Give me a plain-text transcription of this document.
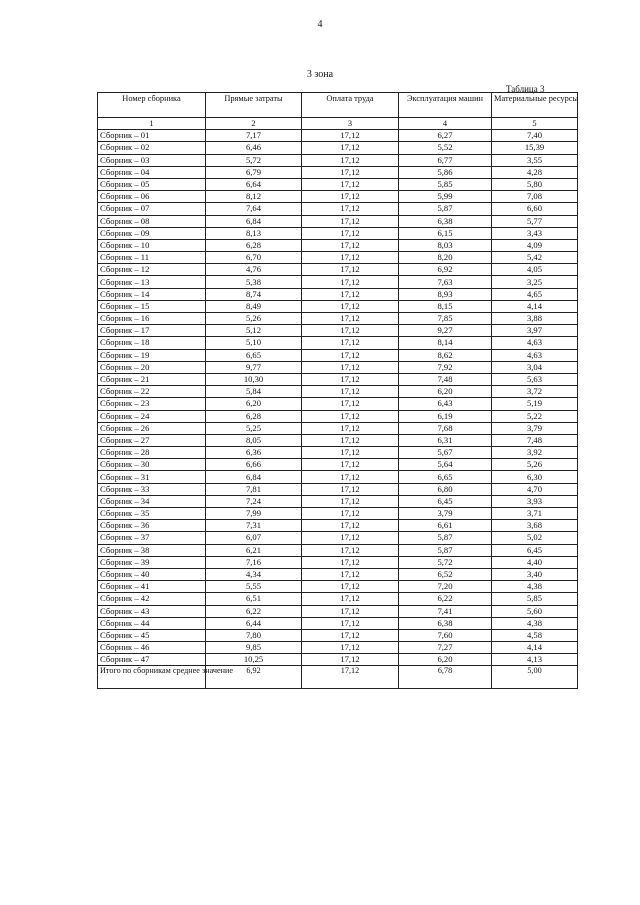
4
3 зона
Таблица 3
Номер сборника	Прямые затраты	Оплата труда	Эксплуатация машин	Материальные ресурсы
1	2	3	4	5
Сборник – 01	7,17	17,12	6,27	7,40
Сборник – 02	6,46	17,12	5,52	15,39
Сборник – 03	5,72	17,12	6,77	3,55
Сборник – 04	6,79	17,12	5,86	4,28
Сборник – 05	6,64	17,12	5,85	5,80
Сборник – 06	8,12	17,12	5,99	7,08
Сборник – 07	7,64	17,12	5,87	6,60
Сборник – 08	6,84	17,12	6,38	5,77
Сборник – 09	8,13	17,12	6,15	3,43
Сборник – 10	6,28	17,12	8,03	4,09
Сборник – 11	6,70	17,12	8,20	5,42
Сборник – 12	4,76	17,12	6,92	4,05
Сборник – 13	5,38	17,12	7,63	3,25
Сборник – 14	8,74	17,12	8,93	4,65
Сборник – 15	8,49	17,12	8,15	4,14
Сборник – 16	5,26	17,12	7,85	3,88
Сборник – 17	5,12	17,12	9,27	3,97
Сборник – 18	5,10	17,12	8,14	4,63
Сборник – 19	6,65	17,12	8,62	4,63
Сборник – 20	9,77	17,12	7,92	3,04
Сборник – 21	10,30	17,12	7,48	5,63
Сборник – 22	5,84	17,12	6,20	3,72
Сборник – 23	6,20	17,12	6,43	5,19
Сборник – 24	6,28	17,12	6,19	5,22
Сборник – 26	5,25	17,12	7,68	3,79
Сборник – 27	8,05	17,12	6,31	7,48
Сборник – 28	6,36	17,12	5,67	3,92
Сборник – 30	6,66	17,12	5,64	5,26
Сборник – 31	6,84	17,12	6,65	6,30
Сборник – 33	7,81	17,12	6,80	4,70
Сборник – 34	7,24	17,12	6,45	3,93
Сборник – 35	7,99	17,12	3,79	3,71
Сборник – 36	7,31	17,12	6,61	3,68
Сборник – 37	6,07	17,12	5,87	5,02
Сборник – 38	6,21	17,12	5,87	6,45
Сборник – 39	7,16	17,12	5,72	4,40
Сборник – 40	4,34	17,12	6,52	3,40
Сборник – 41	5,55	17,12	7,20	4,38
Сборник – 42	6,51	17,12	6,22	5,85
Сборник – 43	6,22	17,12	7,41	5,60
Сборник – 44	6,44	17,12	6,38	4,38
Сборник – 45	7,80	17,12	7,60	4,58
Сборник – 46	9,85	17,12	7,27	4,14
Сборник – 47	10,25	17,12	6,20	4,13
Итого по сборникам среднее значение	6,92	17,12	6,78	5,00
